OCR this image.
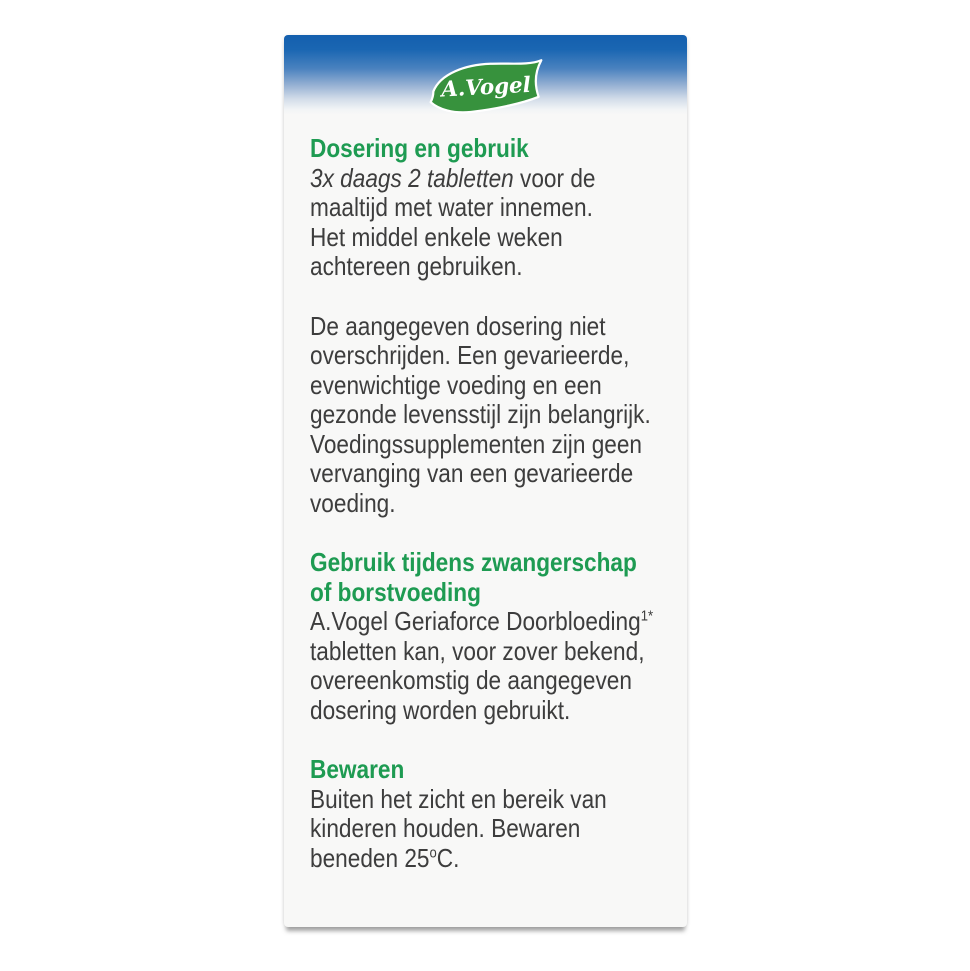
A.Vogel
Dosering en gebruik
3x daags 2 tabletten voor de
maaltijd met water innemen.
Het middel enkele weken
achtereen gebruiken.
De aangegeven dosering niet
overschrijden. Een gevarieerde,
evenwichtige voeding en een
gezonde levensstijl zijn belangrijk.
Voedingssupplementen zijn geen
vervanging van een gevarieerde
voeding.
Gebruik tijdens zwangerschap
of borstvoeding
A.Vogel Geriaforce Doorbloeding$^{1*}$
tabletten kan, voor zover bekend,
overeenkomstig de aangegeven
dosering worden gebruikt.
Bewaren
Buiten het zicht en bereik van
kinderen houden. Bewaren
beneden 25$^o$C.
